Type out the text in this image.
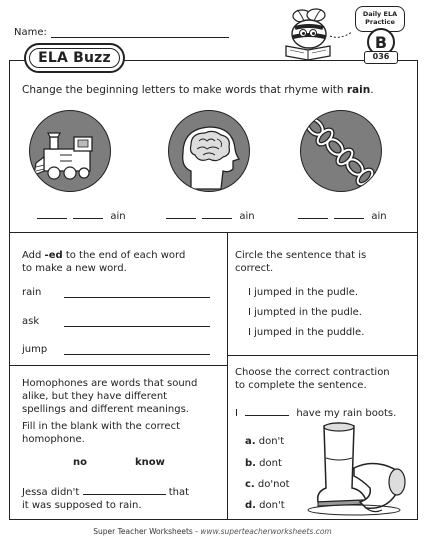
Name:
ELA Buzz
Daily ELA
Practice
B
036
Change the beginning letters to make words that rhyme with rain.
ain	ain	ain
Add -ed to the end of each word
to make a new word.
rain
ask
jump
Circle the sentence that is
correct.
I jumped in the pudle.
I jumpted in the pudle.
I jumped in the puddle.
Homophones are words that sound
alike, but they have different
spellings and different meanings.
Fill in the blank with the correct
homophone.
no	know
Jessa didn't	that
it was supposed to rain.
Choose the correct contraction
to complete the sentence.
I	have my rain boots.
a. don't
b. dont
c. do'not
d. don't
Super Teacher Worksheets - www.superteacherworksheets.com
